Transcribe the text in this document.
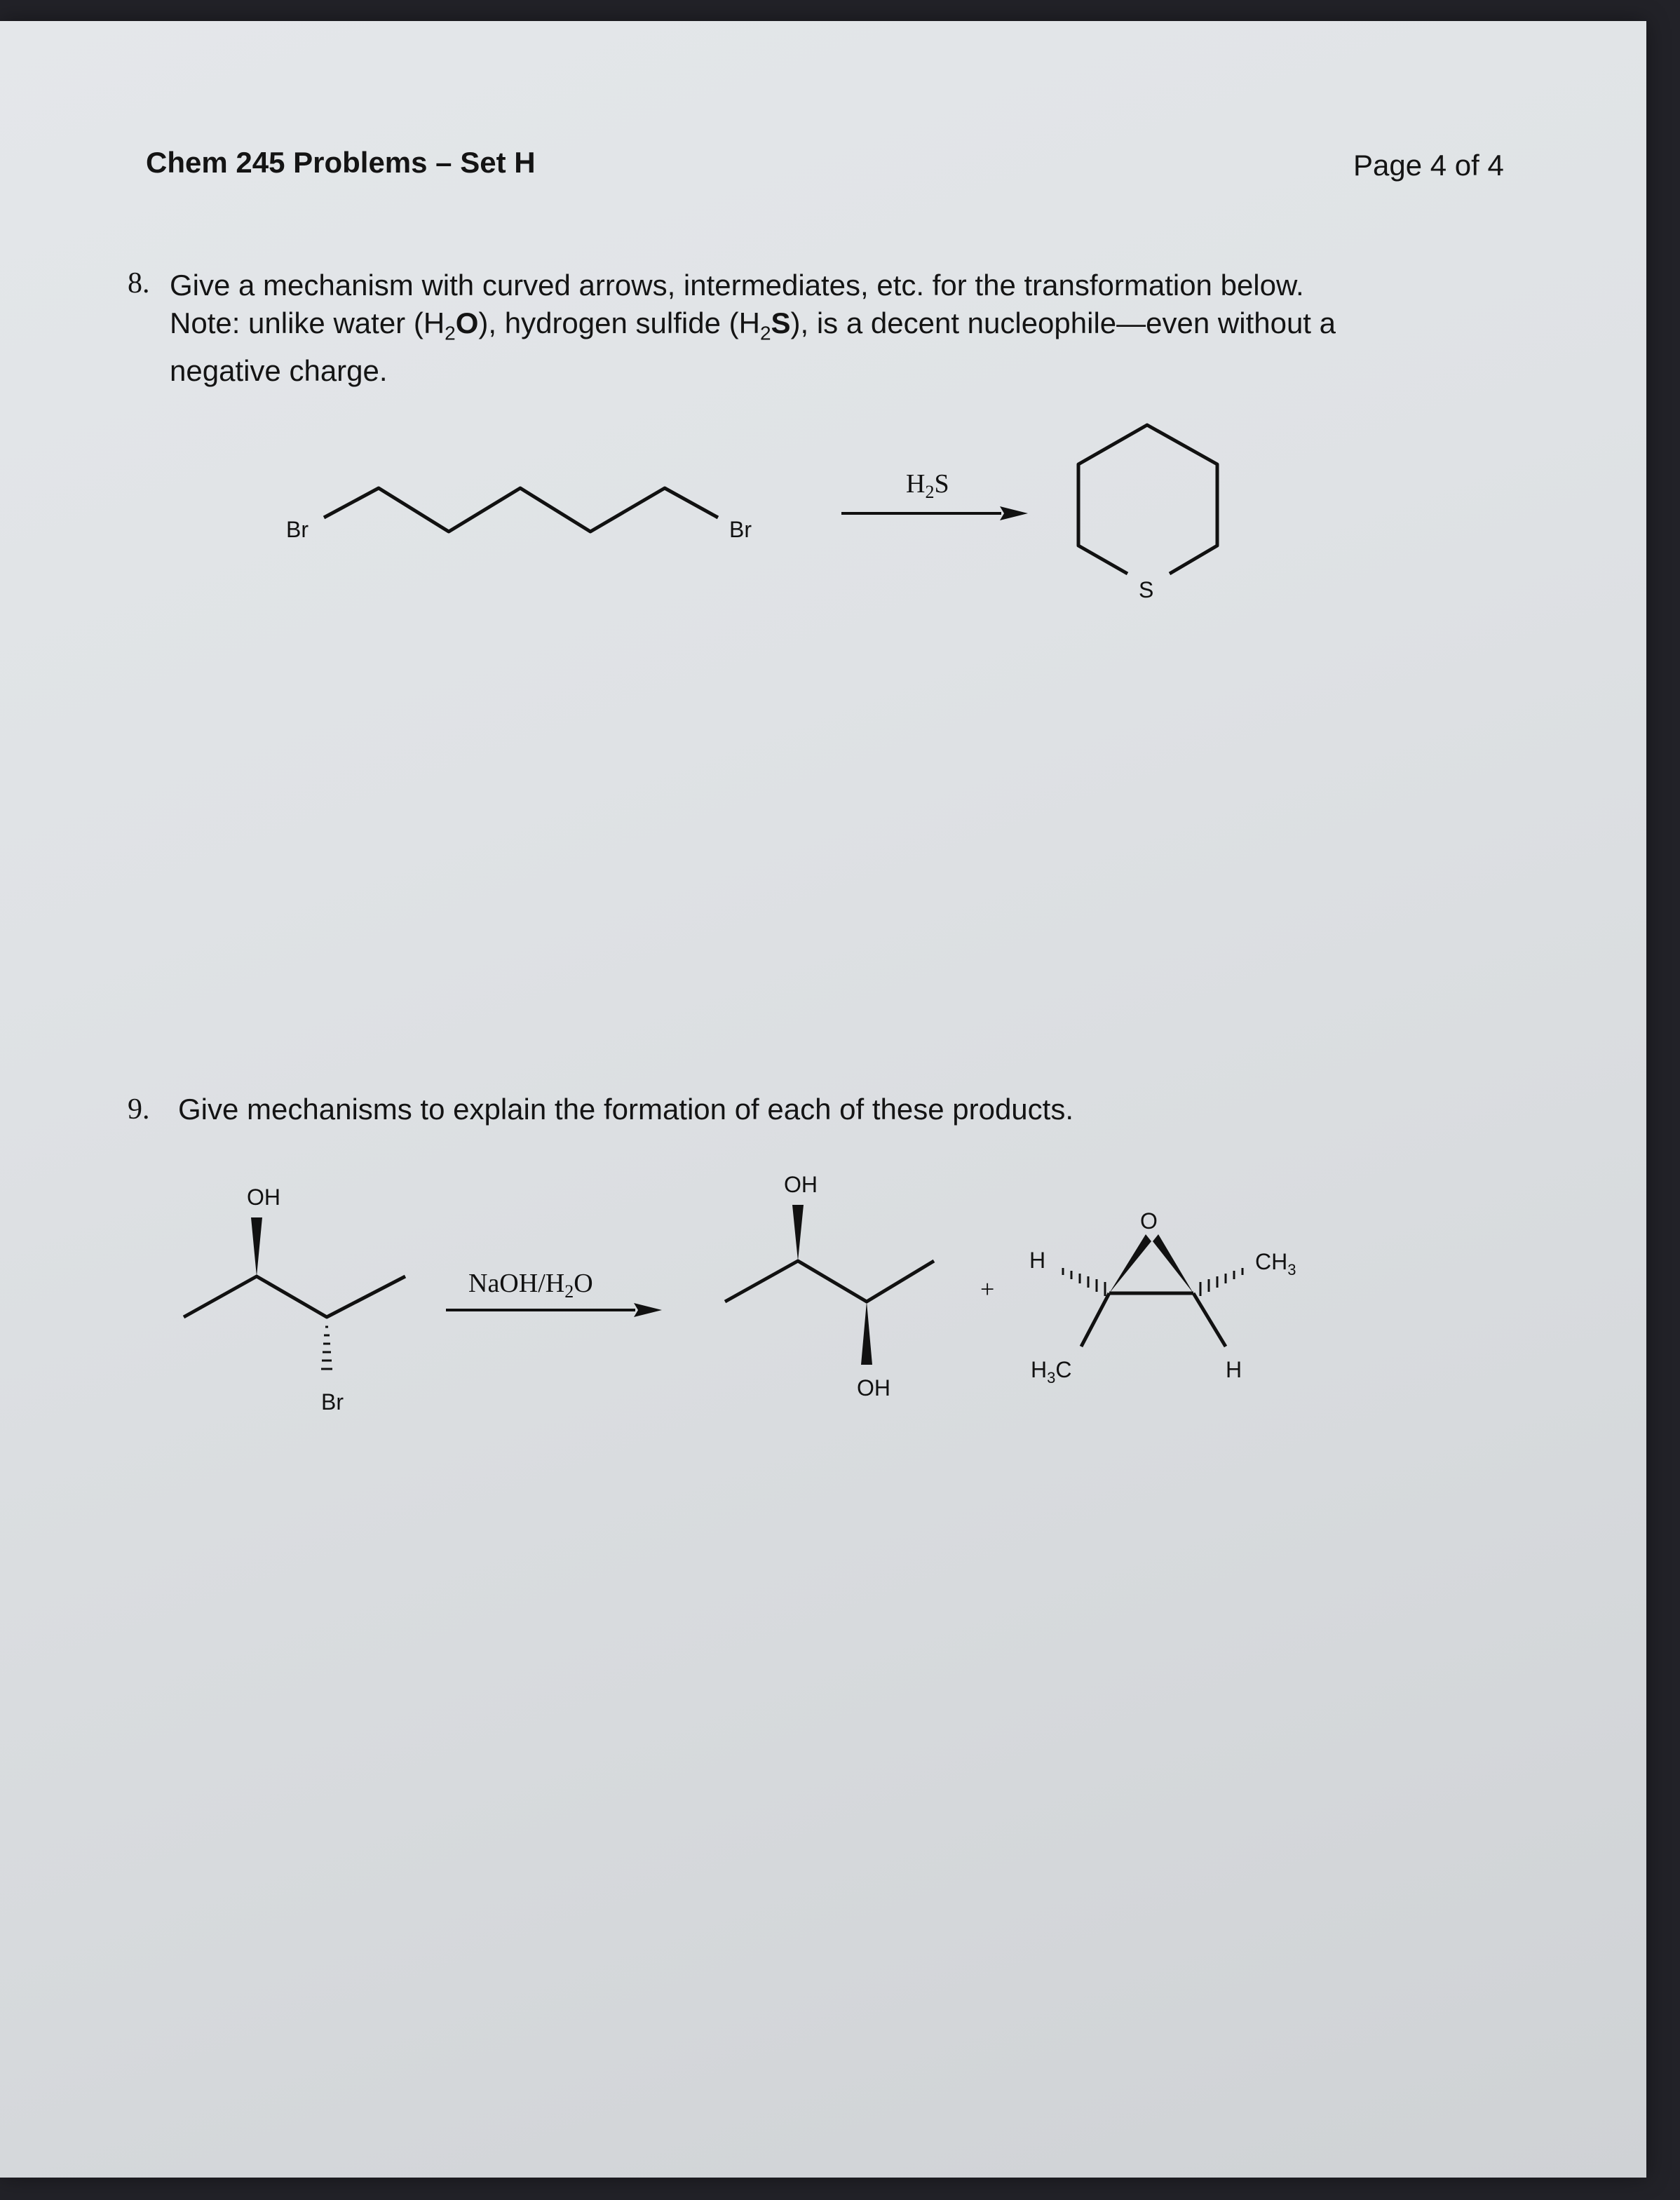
Chem 245 Problems – Set H	Page 4 of 4
8. Give a mechanism with curved arrows, intermediates, etc. for the transformation below.
Note: unlike water $(H_2O)$, hydrogen sulfide $(H_2S)$, is a decent nucleophile—even without a
negative charge.
9. Give mechanisms to explain the formation of each of these products.
Br	Br
$H_2S$
S
OH
Br
NaOH/$H_2O$
OH
OH
+
O
H	$CH_3$
$H_3C$	H
